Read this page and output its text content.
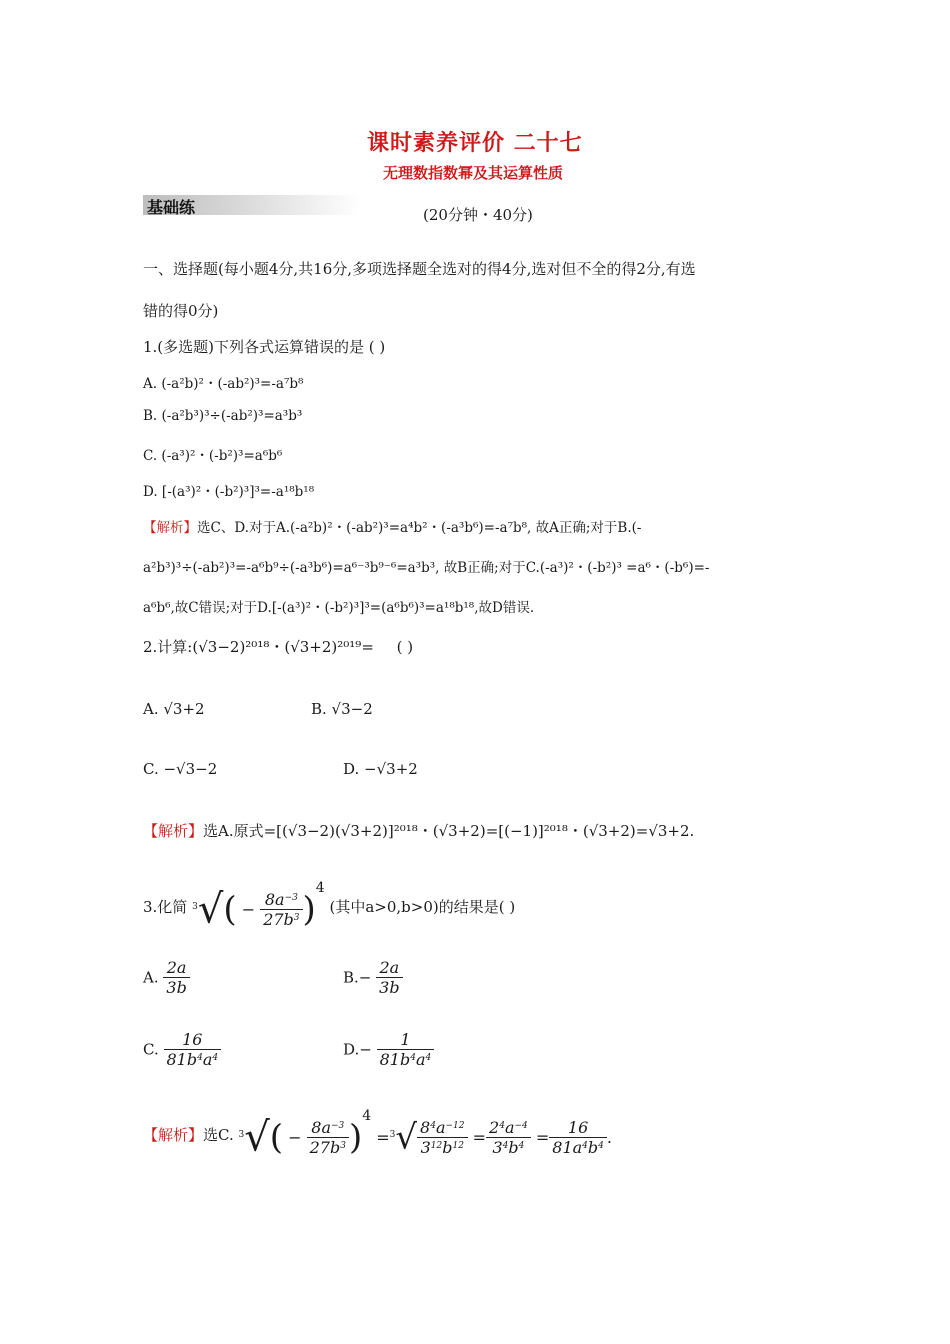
课时素养评价 二十七
无理数指数幂及其运算性质
基础练	(20分钟・40分)
一、选择题(每小题4分,共16分,多项选择题全选对的得4分,选对但不全的得2分,有选
错的得0分)
1.(多选题)下列各式运算错误的是 ( )
A. (-a²b)²・(-ab²)³=-a⁷b⁸
B. (-a²b³)³÷(-ab²)³=a³b³
C. (-a³)²・(-b²)³=a⁶b⁶
D. [-(a³)²・(-b²)³]³=-a¹⁸b¹⁸
【解析】选C、D.对于A.(-a²b)²・(-ab²)³=a⁴b²・(-a³b⁶)=-a⁷b⁸, 故A正确;对于B.(-
a²b³)³÷(-ab²)³=-a⁶b⁹÷(-a³b⁶)=a⁶⁻³b⁹⁻⁶=a³b³, 故B正确;对于C.(-a³)²・(-b²)³ =a⁶・(-b⁶)=-
a⁶b⁶,故C错误;对于D.[-(a³)²・(-b²)³]³=(a⁶b⁶)³=a¹⁸b¹⁸,故D错误.
2.计算:(√3−2)²⁰¹⁸・(√3+2)²⁰¹⁹= ( )
A. √3+2	B. √3−2
C. −√3−2	D. −√3+2
【解析】选A.原式=[(√3−2)(√3+2)]²⁰¹⁸・(√3+2)=[(−1)]²⁰¹⁸・(√3+2)=√3+2.
3.化简 $^3√( - \frac{8a^{-3}}{27b^3} )^4$ (其中a>0,b>0)的结果是( )
A. $\frac{2a}{3b}$	$B.- \frac{2a}{3b}$
C. $\frac{16}{81b^4a^4}$	$D.- \frac{1}{81b^4a^4}$
【解析】选C. $^3√( - \frac{8a^{-3}}{27b^3} )^4 =^3√ \frac{8^4a^{-12}}{3^{12}b^{12}} = \frac{2^4a^{-4}}{3^4b^4} = \frac{16}{81a^4b^4}$ .
